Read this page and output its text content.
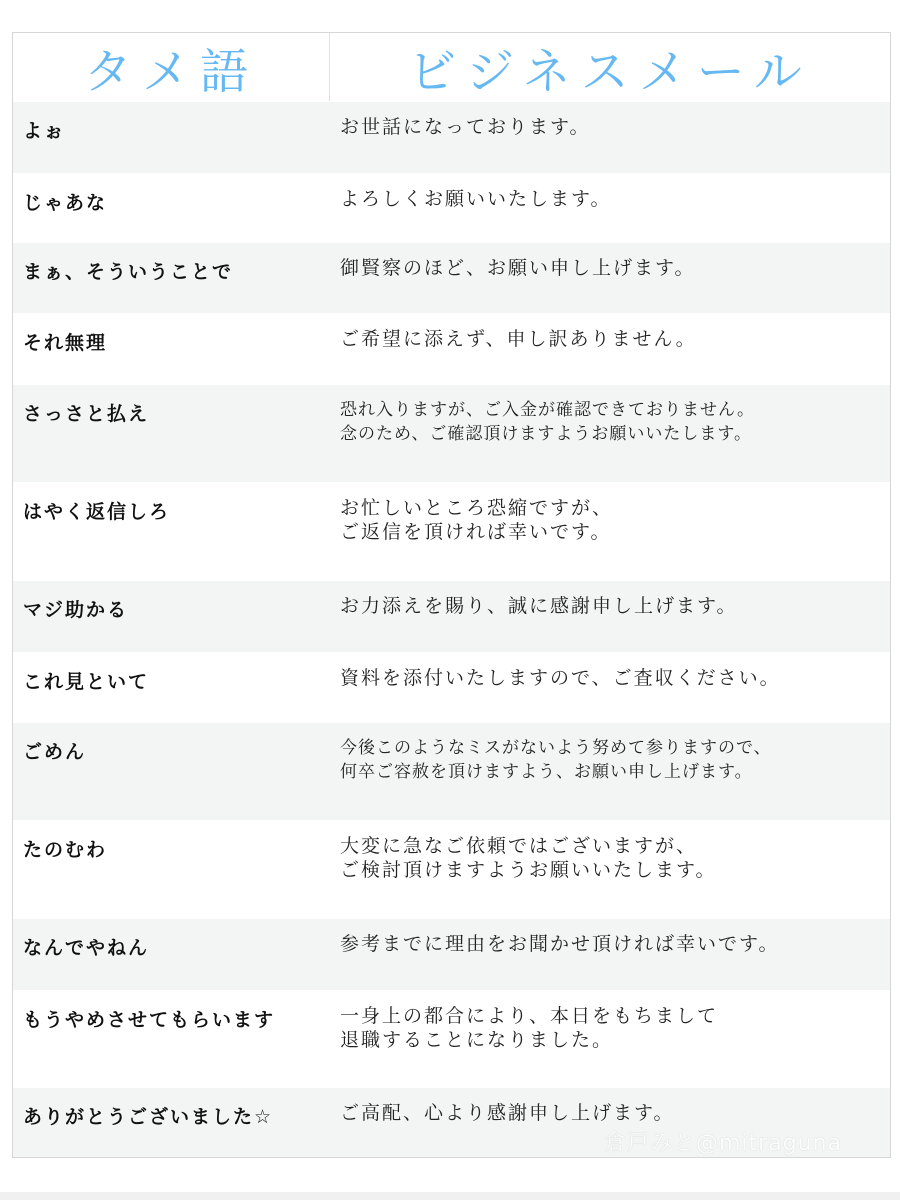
タメ語	ビジネスメール
よぉ	お世話になっております。
じゃあな	よろしくお願いいたします。
まぁ、そういうことで	御賢察のほど、お願い申し上げます。
それ無理	ご希望に添えず、申し訳ありません。
さっさと払え	恐れ入りますが、ご入金が確認できておりません。
念のため、ご確認頂けますようお願いいたします。
はやく返信しろ	お忙しいところ恐縮ですが、
ご返信を頂ければ幸いです。
マジ助かる	お力添えを賜り、誠に感謝申し上げます。
これ見といて	資料を添付いたしますので、ご査収ください。
ごめん	今後このようなミスがないよう努めて参りますので、
何卒ご容赦を頂けますよう、お願い申し上げます。
たのむわ	大変に急なご依頼ではございますが、
ご検討頂けますようお願いいたします。
なんでやねん	参考までに理由をお聞かせ頂ければ幸いです。
もうやめさせてもらいます	一身上の都合により、本日をもちまして
退職することになりました。
ありがとうございました☆	ご高配、心より感謝申し上げます。
倉戸みと@mitraguna
